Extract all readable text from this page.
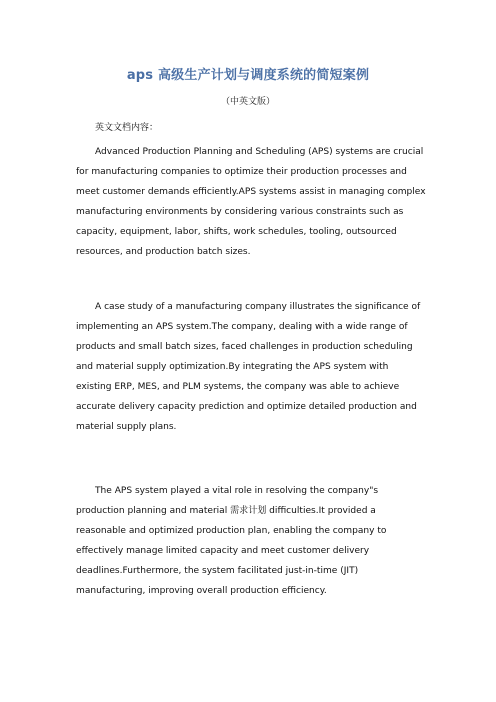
aps 高级生产计划与调度系统的简短案例
（中英文版）
英文文档内容：

Advanced Production Planning and Scheduling (APS) systems are crucial for manufacturing companies to optimize their production processes and meet customer demands efficiently.APS systems assist in managing complex manufacturing environments by considering various constraints such as capacity, equipment, labor, shifts, work schedules, tooling, outsourced resources, and production batch sizes.

A case study of a manufacturing company illustrates the significance of implementing an APS system.The company, dealing with a wide range of products and small batch sizes, faced challenges in production scheduling and material supply optimization.By integrating the APS system with existing ERP, MES, and PLM systems, the company was able to achieve accurate delivery capacity prediction and optimize detailed production and material supply plans.

The APS system played a vital role in resolving the company"s production planning and material 需求计划 difficulties.It provided a reasonable and optimized production plan, enabling the company to effectively manage limited capacity and meet customer delivery deadlines.Furthermore, the system facilitated just-in-time (JIT) manufacturing, improving overall production efficiency.
